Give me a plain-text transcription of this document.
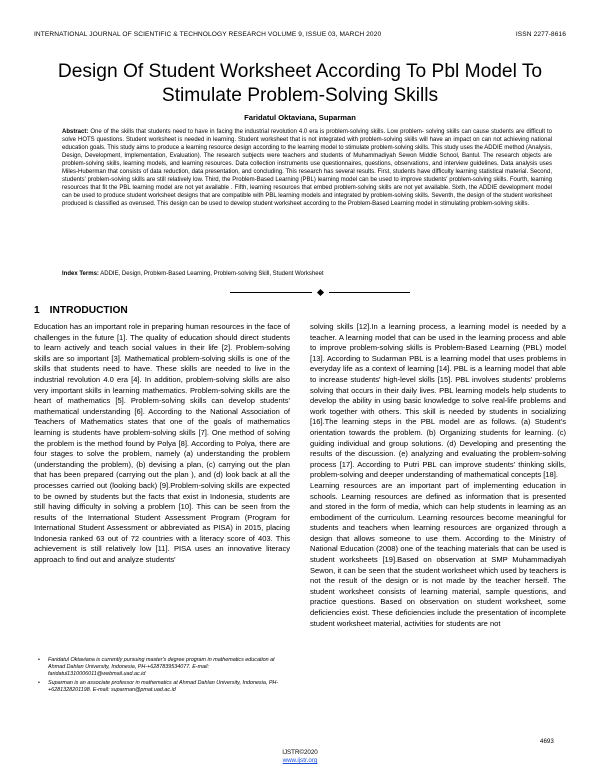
INTERNATIONAL JOURNAL OF SCIENTIFIC & TECHNOLOGY RESEARCH VOLUME 9, ISSUE 03, MARCH 2020	ISSN 2277-8616
Design Of Student Worksheet According To Pbl Model To Stimulate Problem-Solving Skills
Faridatul Oktaviana, Suparman
Abstract: One of the skills that students need to have in facing the industrial revolution 4.0 era is problem-solving skills. Low problem- solving skills can cause students are difficult to solve HOTS questions. Student worksheet is needed in learning. Student worksheet that is not integrated with problem-solving skills will have an impact on can not achieving national education goals. This study aims to produce a learning resource design according to the learning model to stimulate problem-solving skills. This study uses the ADDIE method (Analysis, Design, Development, Implementation, Evaluation). The research subjects were teachers and students of Muhammadiyah Sewon Middle School, Bantul. The research objects are problem-solving skills, learning models, and learning resources. Data collection instruments use questionnaires, questions, observations, and interview guidelines. Data analysis uses Miles-Huberman that consists of data reduction, data presentation, and concluding. This research has several results. First, students have difficulty learning statistical material. Second, students' problem-solving skills are still relatively low. Third, the Problem-Based Learning (PBL) learning model can be used to improve students' problem-solving skills. Fourth, learning resources that fit the PBL learning model are not yet available . Fifth, learning resources that embed problem-solving skills are not yet available. Sixth, the ADDIE development model can be used to produce student worksheet designs that are compatible with PBL learning models and integrated by problem-solving skills. Seventh, the design of the student worksheet produced is classified as overused. This design can be used to develop student worksheet according to the Problem-Based Learning model in stimulating problem-solving skills.
Index Terms: ADDIE, Design, Problem-Based Learning, Problem-solving Skill, Student Worksheet
1 INTRODUCTION

Education has an important role in preparing human resources in the face of challenges in the future [1]. The quality of education should direct students to learn actively and teach social values in their life [2]. Problem-solving skills are so important [3]. Mathematical problem-solving skills is one of the skills that students need to have. These skills are needed to live in the industrial revolution 4.0 era [4]. In addition, problem-solving skills are also very important skills in learning mathematics. Problem-solving skills are the heart of mathematics [5]. Problem-solving skills can develop students' mathematical understanding [6]. According to the National Association of Teachers of Mathematics states that one of the goals of mathematics learning is students have problem-solving skills [7]. One method of solving the problem is the method found by Polya [8]. According to Polya, there are four stages to solve the problem, namely (a) understanding the problem (understanding the problem), (b) devising a plan, (c) carrying out the plan that has been prepared (carrying out the plan ), and (d) look back at all the processes carried out (looking back) [9].Problem-solving skills are expected to be owned by students but the facts that exist in Indonesia, students are still having difficulty in solving a problem [10]. This can be seen from the results of the International Student Assessment Program (Program for International Student Assessment or abbreviated as PISA) in 2015, placing Indonesia ranked 63 out of 72 countries with a literacy score of 403. This achievement is still relatively low [11]. PISA uses an innovative literacy approach to find out and analyze students'

solving skills [12].In a learning process, a learning model is needed by a teacher. A learning model that can be used in the learning process and able to improve problem-solving skills is Problem-Based Learning (PBL) model [13]. According to Sudarman PBL is a learning model that uses problems in everyday life as a context of learning [14]. PBL is a learning model that able to increase students' high-level skills [15]. PBL involves students' problems solving that occurs in their daily lives. PBL learning models help students to develop the ability in using basic knowledge to solve real-life problems and work together with others. This skill is needed by students in socializing [16].The learning steps in the PBL model are as follows. (a) Student's orientation towards the problem. (b) Organizing students for learning. (c) guiding individual and group solutions. (d) Developing and presenting the results of the discussion. (e) analyzing and evaluating the problem-solving process [17]. According to Putri PBL can improve students' thinking skills, problem-solving and deeper understanding of mathematical concepts [18].

Learning resources are an important part of implementing education in schools. Learning resources are defined as information that is presented and stored in the form of media, which can help students in learning as an embodiment of the curriculum. Learning resources become meaningful for students and teachers when learning resources are organized through a design that allows someone to use them. According to the Ministry of National Education (2008) one of the teaching materials that can be used is student worksheets [19].Based on observation at SMP Muhammadiyah Sewon, it can be seen that the student worksheet which used by teachers is not the result of the design or is not made by the teacher herself. The student worksheet consists of learning material, sample questions, and practice questions. Based on observation on student worksheet, some deficiencies exist. These deficiencies include the presentation of incomplete student worksheet material, activities for students are not

• Faridatul Oktaviana is currently pursuing master's degree program in mathematics education at Ahmad Dahlan University, Indonesia, PH-+6287839534077. E-mail: faridatul1310006011@webmail.uad.ac.id
• Suparman is an associate professor in mathematics at Ahmad Dahlan University, Indonesia, PH-+6281328201198. E-mail: suparman@pmat.uad.ac.id
4693
IJSTR©2020
www.ijstr.org
